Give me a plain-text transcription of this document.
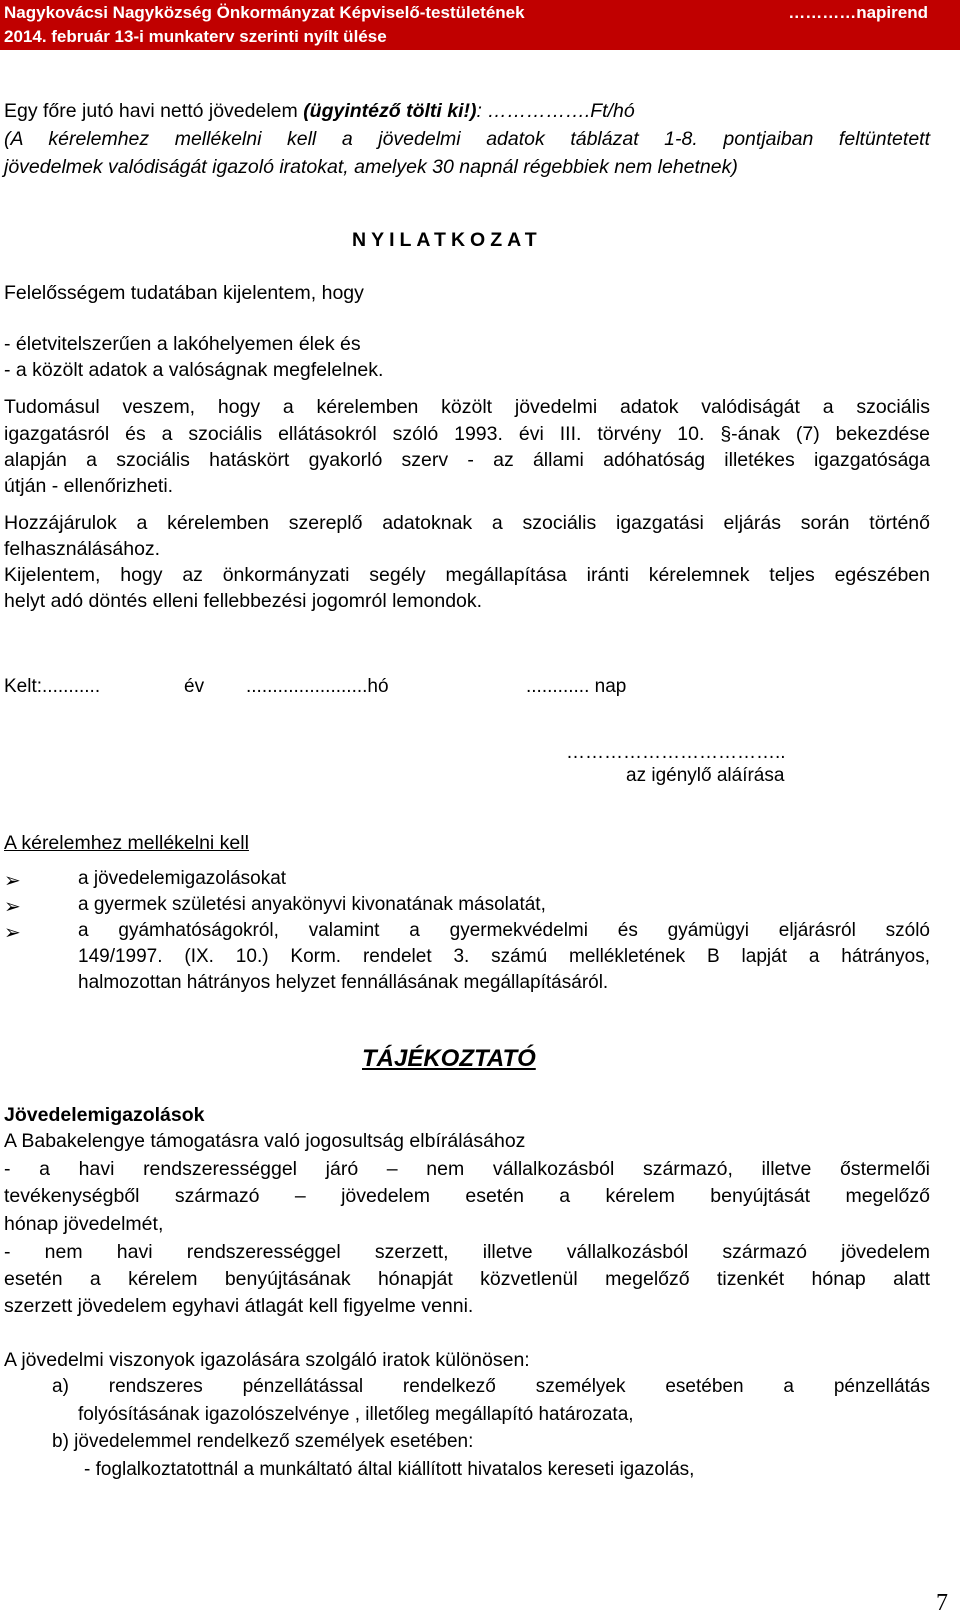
Nagykovácsi Nagyközség Önkormányzat Képviselő-testületének
2014. február 13-i munkaterv szerinti nyílt ülése
…………napirend
Egy főre jutó havi nettó jövedelem (ügyintéző tölti ki!): …………….Ft/hó
(A kérelemhez mellékelni kell a jövedelmi adatok táblázat 1-8. pontjaiban feltüntetett
jövedelmek valódiságát igazoló iratokat, amelyek 30 napnál régebbiek nem lehetnek)
NYILATKOZAT
Felelősségem tudatában kijelentem, hogy
- életvitelszerűen a lakóhelyemen élek és
- a közölt adatok a valóságnak megfelelnek.
Tudomásul veszem, hogy a kérelemben közölt jövedelmi adatok valódiságát a szociális
igazgatásról és a szociális ellátásokról szóló 1993. évi III. törvény 10. §-ának (7) bekezdése
alapján a szociális hatáskört gyakorló szerv - az állami adóhatóság illetékes igazgatósága
útján - ellenőrizheti.
Hozzájárulok a kérelemben szereplő adatoknak a szociális igazgatási eljárás során történő
felhasználásához.
Kijelentem, hogy az önkormányzati segély megállapítása iránti kérelemnek teljes egészében
helyt adó döntés elleni fellebbezési jogomról lemondok.
Kelt:...........	év .......................hó	............ nap
……………………………..
az igénylő aláírása
A kérelemhez mellékelni kell
➢	a jövedelemigazolásokat
➢	a gyermek születési anyakönyvi kivonatának másolatát,
➢	a gyámhatóságokról, valamint a gyermekvédelmi és gyámügyi eljárásról szóló
149/1997. (IX. 10.) Korm. rendelet 3. számú mellékletének B lapját a hátrányos,
halmozottan hátrányos helyzet fennállásának megállapításáról.
TÁJÉKOZTATÓ
Jövedelemigazolások
A Babakelengye támogatásra való jogosultság elbírálásához
- a havi rendszerességgel járó – nem vállalkozásból származó, illetve őstermelői
tevékenységből származó – jövedelem esetén a kérelem benyújtását megelőző
hónap jövedelmét,
- nem havi rendszerességgel szerzett, illetve vállalkozásból származó jövedelem
esetén a kérelem benyújtásának hónapját közvetlenül megelőző tizenkét hónap alatt
szerzett jövedelem egyhavi átlagát kell figyelme venni.
A jövedelmi viszonyok igazolására szolgáló iratok különösen:
a) rendszeres pénzellátással rendelkező személyek esetében a pénzellátás
folyósításának igazolószelvénye , illetőleg megállapító határozata,
b) jövedelemmel rendelkező személyek esetében:
- foglalkoztatottnál a munkáltató által kiállított hivatalos kereseti igazolás,
7
